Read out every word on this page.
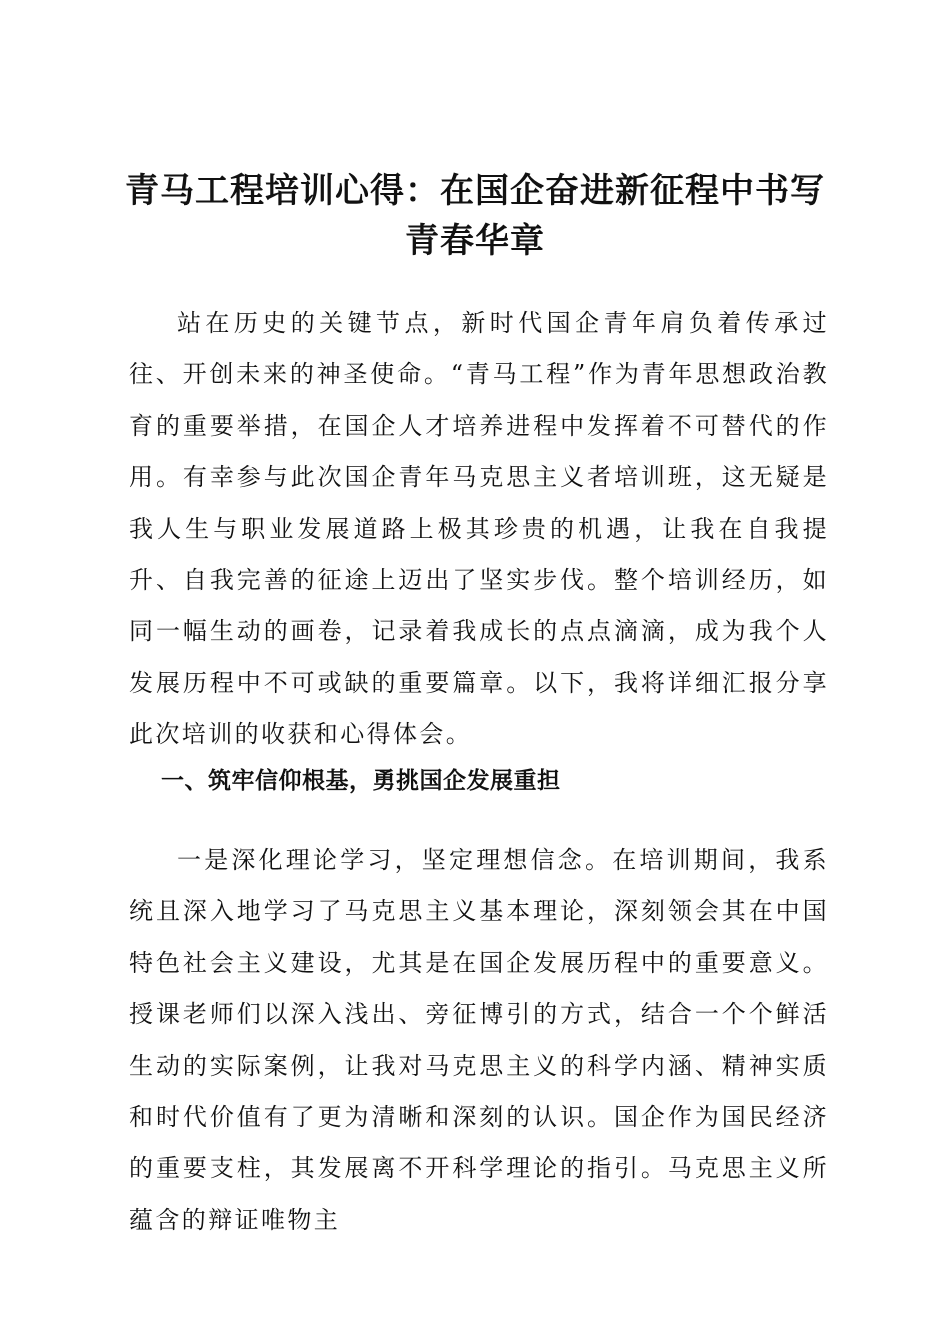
青马工程培训心得：在国企奋进新征程中书写青春华章

站在历史的关键节点，新时代国企青年肩负着传承过往、开创未来的神圣使命。“青马工程”作为青年思想政治教育的重要举措，在国企人才培养进程中发挥着不可替代的作用。有幸参与此次国企青年马克思主义者培训班，这无疑是我人生与职业发展道路上极其珍贵的机遇，让我在自我提升、自我完善的征途上迈出了坚实步伐。整个培训经历，如同一幅生动的画卷，记录着我成长的点点滴滴，成为我个人发展历程中不可或缺的重要篇章。以下，我将详细汇报分享此次培训的收获和心得体会。

一、筑牢信仰根基，勇挑国企发展重担

一是深化理论学习，坚定理想信念。在培训期间，我系统且深入地学习了马克思主义基本理论，深刻领会其在中国特色社会主义建设，尤其是在国企发展历程中的重要意义。授课老师们以深入浅出、旁征博引的方式，结合一个个鲜活生动的实际案例，让我对马克思主义的科学内涵、精神实质和时代价值有了更为清晰和深刻的认识。国企作为国民经济的重要支柱，其发展离不开科学理论的指引。马克思主义所蕴含的辩证唯物主
